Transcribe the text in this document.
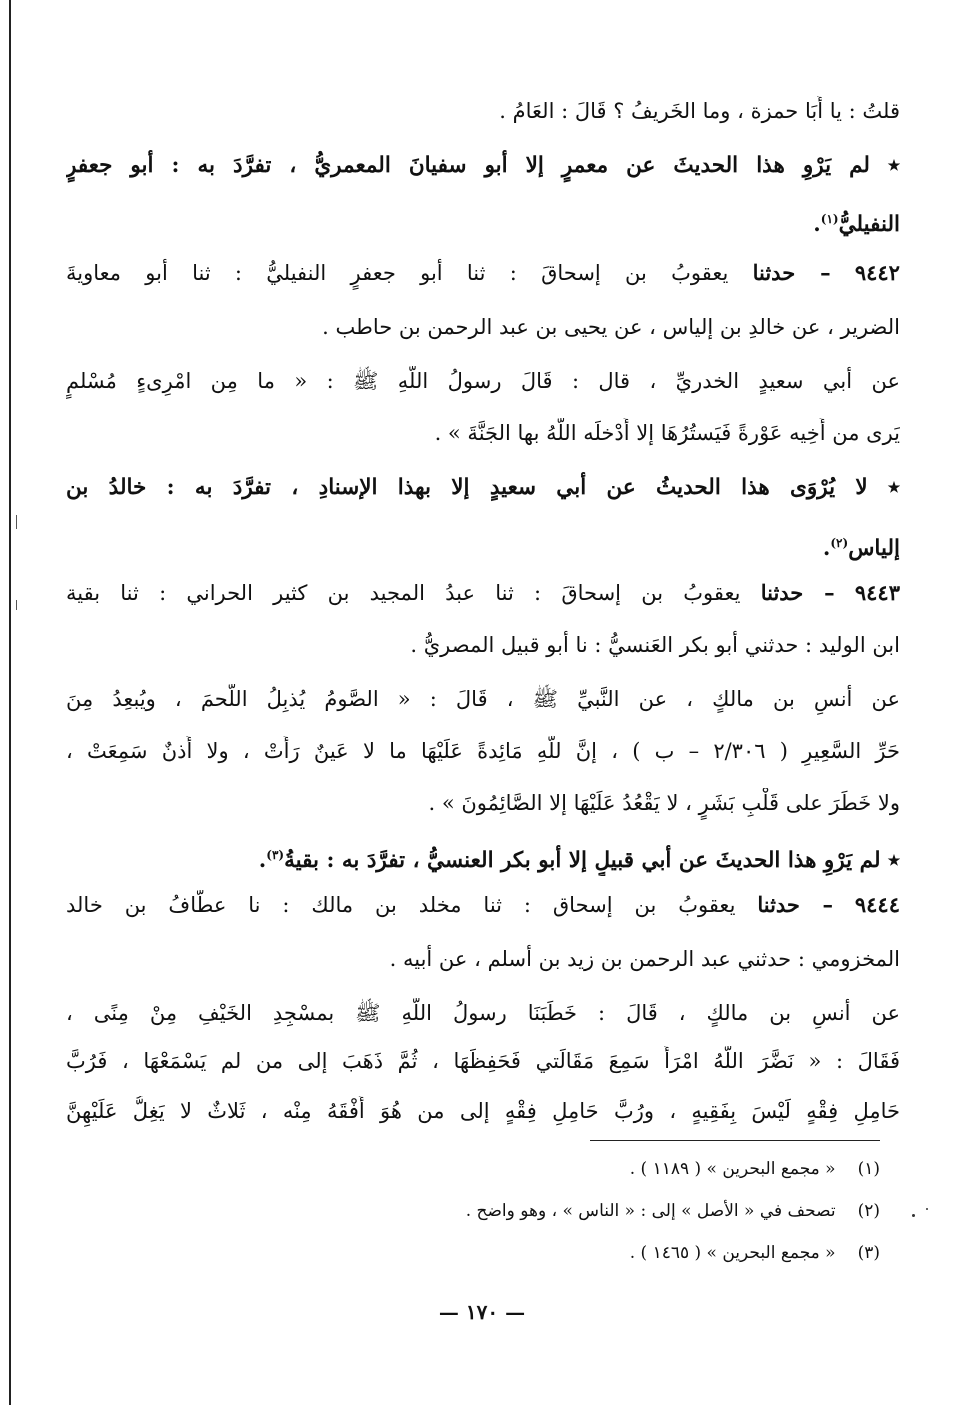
قلتُ : يا أَبَا حمزة ، وما الخَريفُ ؟ قَالَ : العَامُ .
٭ لم يَرْوِ هذا الحديثَ عن معمرٍ إلا أبو سفيانَ المعمريُّ ، تفرَّدَ به : أبو جعفرٍ
النفيليُّ$^{(١)}$.
٩٤٤٢ – حدثنا يعقوبُ بن إسحاقَ : ثنا أبو جعفرٍ النفيليُّ : ثنا أبو معاويةَ
الضرير ، عن خالدِ بن إلياس ، عن يحيى بن عبد الرحمن بن حاطب .
عن أبي سعيدٍ الخدريِّ ، قال : قَالَ رسولُ اللَّهِ ﷺ : « ما مِن امْرِىءٍ مُسْلمٍ
يَرى من أَخِيه عَوْرةً فَيَستُرُهَا إلا أَدْخلَه اللَّهُ بها الجَنَّةَ » .
٭ لا يُرْوَى هذا الحديثُ عن أبي سعيدٍ إلا بهذا الإسنادِ ، تفرَّدَ به : خالدُ بن
إلياس$^{(٢)}$.
٩٤٤٣ – حدثنا يعقوبُ بن إسحاقَ : ثنا عبدُ المجيد بن كثير الحراني : ثنا بقية
ابن الوليد : حدثني أبو بكر العَنسيُّ : نا أبو قبيل المصريُّ .
عن أنسِ بن مالكٍ ، عن النَّبيِّ ﷺ ، قَالَ : « الصَّومُ يُذبِلُ اللَّحمَ ، ويُبعِدُ مِنَ
حَرِّ السَّعِيرِ ( ٢/٣٠٦ – ب ) ، إنَّ للَّهِ مَائِدةً عَلَيْهَا ما لا عَينٌ رَأَتْ ، ولا أُذنٌ سَمِعَتْ ،
ولا خَطَرَ على قَلْبِ بَشَرٍ ، لا يَقْعُدُ عَلَيْهَا إلا الصَّائِمُونَ » .
٭ لم يَرْوِ هذا الحديثَ عن أبي قبيلٍ إلا أبو بكر العنسيُّ ، تفرَّدَ به : بقيةُ$^{(٣)}$.
٩٤٤٤ – حدثنا يعقوبُ بن إسحاق : ثنا مخلد بن مالك : نا عطَّافُ بن خالد
المخزومي : حدثني عبد الرحمن بن زيد بن أسلم ، عن أبيه .
عن أنسِ بن مالكٍ ، قَالَ : خَطَبَنَا رسولُ اللَّهِ ﷺ بمسْجِدِ الخَيْفِ مِنْ مِنًى ،
فَقَالَ : « نَضَّرَ اللَّهُ امْرَأً سَمِعَ مَقَالَتي فَحَفِظَهَا ، ثُمَّ ذَهَبَ إلى من لم يَسْمَعْهَا ، فَرُبَّ
حَامِلِ فِقْهٍ لَيْسَ بِفَقِيهٍ ، ورُبَّ حَامِلِ فِقْهٍ إلى من هُوَ أَفْقَهُ مِنْه ، ثَلاثٌ لا يَغِلُّ عَلَيْهِنَّ
(١)« مجمع البحرين » ( ١١٨٩ ) .
(٢)تصحف في « الأصل » إلى : « الناس » ، وهو واضح .
(٣)« مجمع البحرين » ( ١٤٦٥ ) .
— ١٧٠ —
